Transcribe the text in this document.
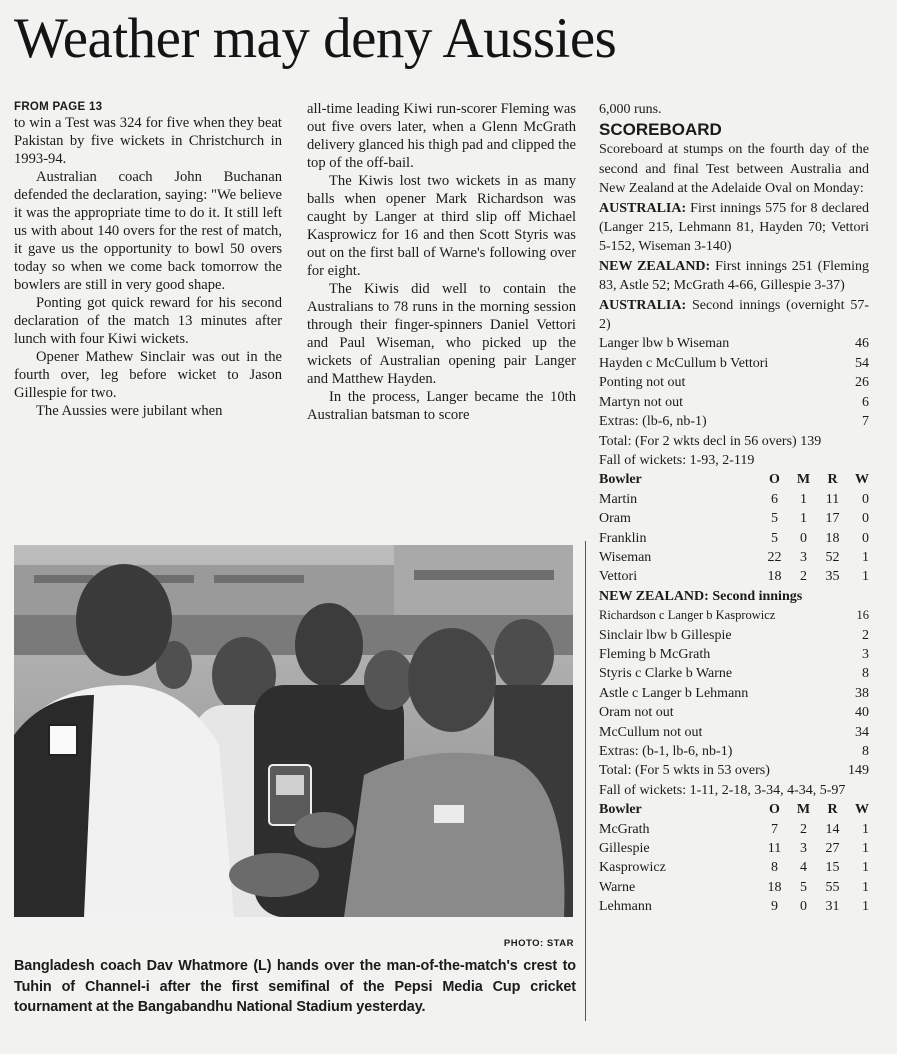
Weather may deny Aussies
FROM PAGE 13

to win a Test was 324 for five when they beat Pakistan by five wickets in Christchurch in 1993-94.

Australian coach John Buchanan defended the declaration, saying: "We believe it was the appropriate time to do it. It still left us with about 140 overs for the rest of match, it gave us the opportunity to bowl 50 overs today so when we come back tomorrow the bowlers are still in very good shape.

Ponting got quick reward for his second declaration of the match 13 minutes after lunch with four Kiwi wickets.

Opener Mathew Sinclair was out in the fourth over, leg before wicket to Jason Gillespie for two.

The Aussies were jubilant when

all-time leading Kiwi run-scorer Fleming was out five overs later, when a Glenn McGrath delivery glanced his thigh pad and clipped the top of the off-bail.

The Kiwis lost two wickets in as many balls when opener Mark Richardson was caught by Langer at third slip off Michael Kasprowicz for 16 and then Scott Styris was out on the first ball of Warne's following over for eight.

The Kiwis did well to contain the Australians to 78 runs in the morning session through their finger-spinners Daniel Vettori and Paul Wiseman, who picked up the wickets of Australian opening pair Langer and Matthew Hayden.

In the process, Langer became the 10th Australian batsman to score

6,000 runs.

SCOREBOARD

Scoreboard at stumps on the fourth day of the second and final Test between Australia and New Zealand at the Adelaide Oval on Monday:

AUSTRALIA: First innings 575 for 8 declared (Langer 215, Lehmann 81, Hayden 70; Vettori 5-152, Wiseman 3-140)

NEW ZEALAND: First innings 251 (Fleming 83, Astle 52; McGrath 4-66, Gillespie 3-37)

AUSTRALIA: Second innings (overnight 57-2)

Langer lbw b Wiseman	46
Hayden c McCullum b Vettori	54
Ponting not out	26
Martyn not out	6
Extras: (lb-6, nb-1)	7

Total: (For 2 wkts decl in 56 overs) 139

Fall of wickets: 1-93, 2-119

Bowler	O	M	R	W
Martin	6	1	11	0
Oram	5	1	17	0
Franklin	5	0	18	0
Wiseman	22	3	52	1
Vettori	18	2	35	1

NEW ZEALAND: Second innings

Richardson c Langer b Kasprowicz	16
Sinclair lbw b Gillespie	2
Fleming b McGrath	3
Styris c Clarke b Warne	8
Astle c Langer b Lehmann	38
Oram not out	40
McCullum not out	34
Extras: (b-1, lb-6, nb-1)	8
Total: (For 5 wkts in 53 overs)	149

Fall of wickets: 1-11, 2-18, 3-34, 4-34, 5-97

Bowler	O	M	R	W
McGrath	7	2	14	1
Gillespie	11	3	27	1
Kasprowicz	8	4	15	1
Warne	18	5	55	1
Lehmann	9	0	31	1
PHOTO: STAR
Bangladesh coach Dav Whatmore (L) hands over the man-of-the-match's crest to Tuhin of Channel-i after the first semifinal of the Pepsi Media Cup cricket tournament at the Bangabandhu National Stadium yesterday.
